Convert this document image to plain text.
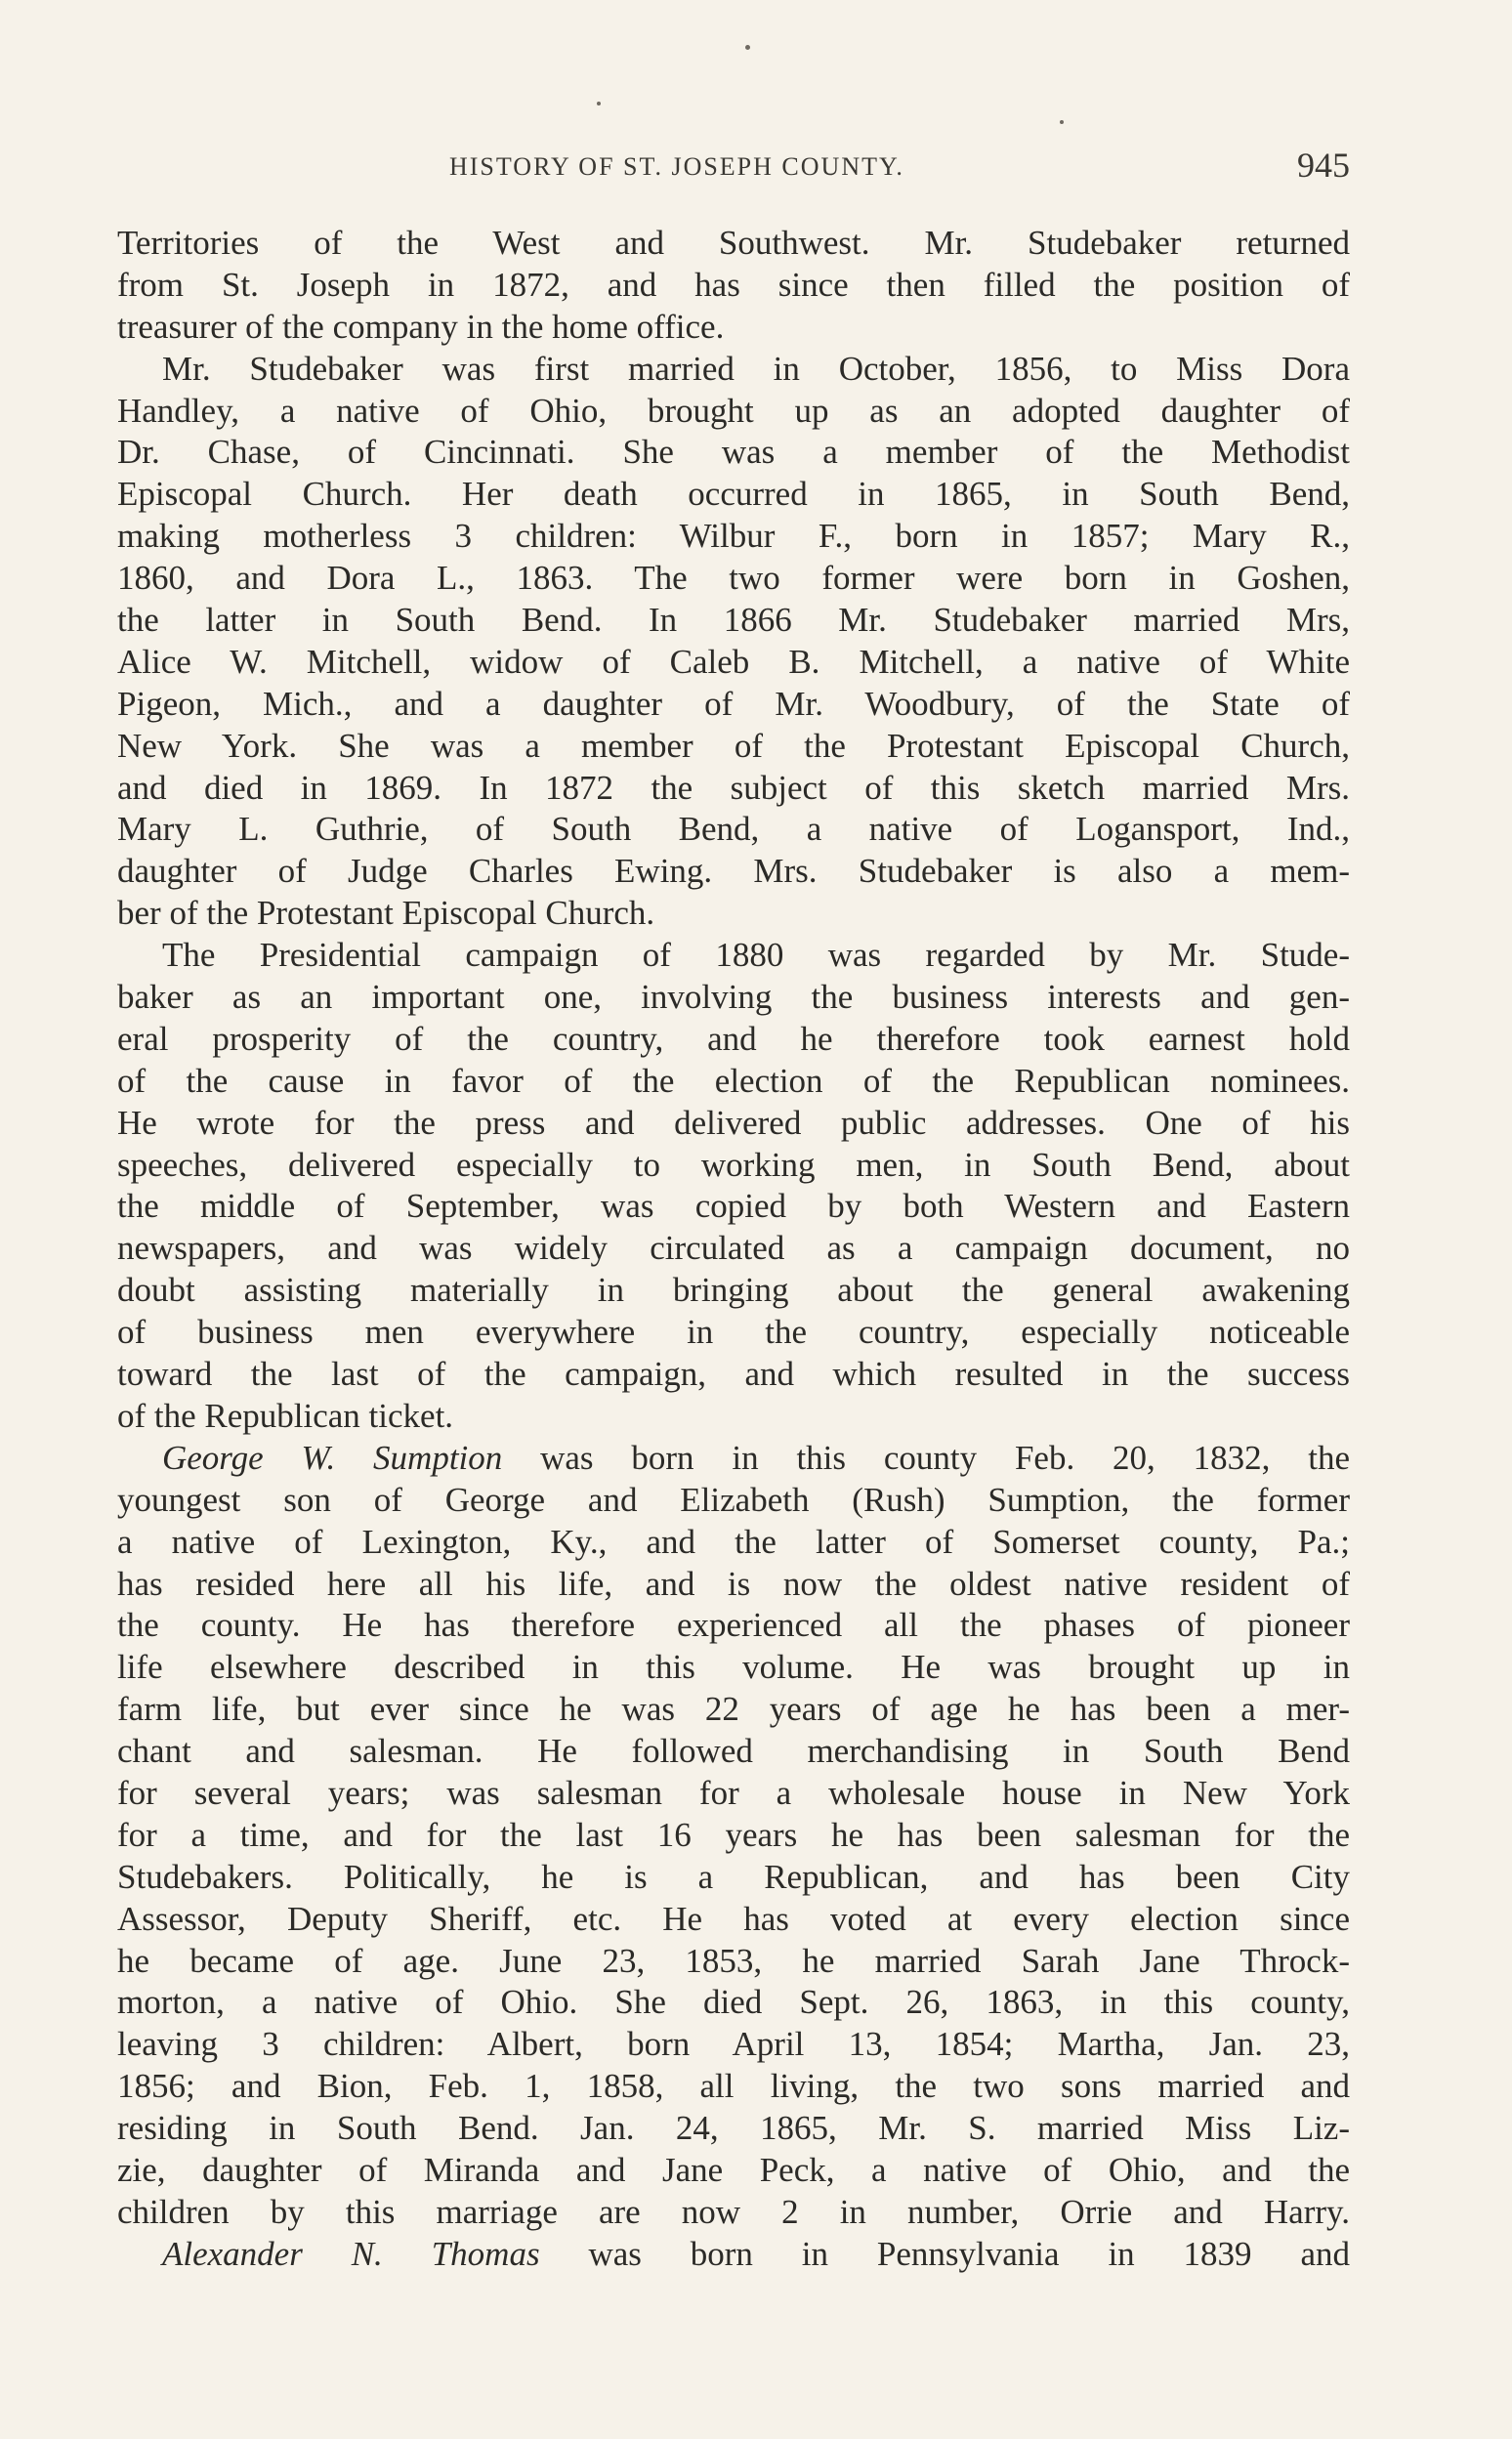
HISTORY OF ST. JOSEPH COUNTY.	945
Territories of the West and Southwest. Mr. Studebaker returned
from St. Joseph in 1872, and has since then filled the position of
treasurer of the company in the home office.
Mr. Studebaker was first married in October, 1856, to Miss Dora
Handley, a native of Ohio, brought up as an adopted daughter of
Dr. Chase, of Cincinnati. She was a member of the Methodist
Episcopal Church. Her death occurred in 1865, in South Bend,
making motherless 3 children: Wilbur F., born in 1857; Mary R.,
1860, and Dora L., 1863. The two former were born in Goshen,
the latter in South Bend. In 1866 Mr. Studebaker married Mrs,
Alice W. Mitchell, widow of Caleb B. Mitchell, a native of White
Pigeon, Mich., and a daughter of Mr. Woodbury, of the State of
New York. She was a member of the Protestant Episcopal Church,
and died in 1869. In 1872 the subject of this sketch married Mrs.
Mary L. Guthrie, of South Bend, a native of Logansport, Ind.,
daughter of Judge Charles Ewing. Mrs. Studebaker is also a mem-
ber of the Protestant Episcopal Church.
The Presidential campaign of 1880 was regarded by Mr. Stude-
baker as an important one, involving the business interests and gen-
eral prosperity of the country, and he therefore took earnest hold
of the cause in favor of the election of the Republican nominees.
He wrote for the press and delivered public addresses. One of his
speeches, delivered especially to working men, in South Bend, about
the middle of September, was copied by both Western and Eastern
newspapers, and was widely circulated as a campaign document, no
doubt assisting materially in bringing about the general awakening
of business men everywhere in the country, especially noticeable
toward the last of the campaign, and which resulted in the success
of the Republican ticket.
George W. Sumption was born in this county Feb. 20, 1832, the
youngest son of George and Elizabeth (Rush) Sumption, the former
a native of Lexington, Ky., and the latter of Somerset county, Pa.;
has resided here all his life, and is now the oldest native resident of
the county. He has therefore experienced all the phases of pioneer
life elsewhere described in this volume. He was brought up in
farm life, but ever since he was 22 years of age he has been a mer-
chant and salesman. He followed merchandising in South Bend
for several years; was salesman for a wholesale house in New York
for a time, and for the last 16 years he has been salesman for the
Studebakers. Politically, he is a Republican, and has been City
Assessor, Deputy Sheriff, etc. He has voted at every election since
he became of age. June 23, 1853, he married Sarah Jane Throck-
morton, a native of Ohio. She died Sept. 26, 1863, in this county,
leaving 3 children: Albert, born April 13, 1854; Martha, Jan. 23,
1856; and Bion, Feb. 1, 1858, all living, the two sons married and
residing in South Bend. Jan. 24, 1865, Mr. S. married Miss Liz-
zie, daughter of Miranda and Jane Peck, a native of Ohio, and the
children by this marriage are now 2 in number, Orrie and Harry.
Alexander N. Thomas was born in Pennsylvania in 1839 and
